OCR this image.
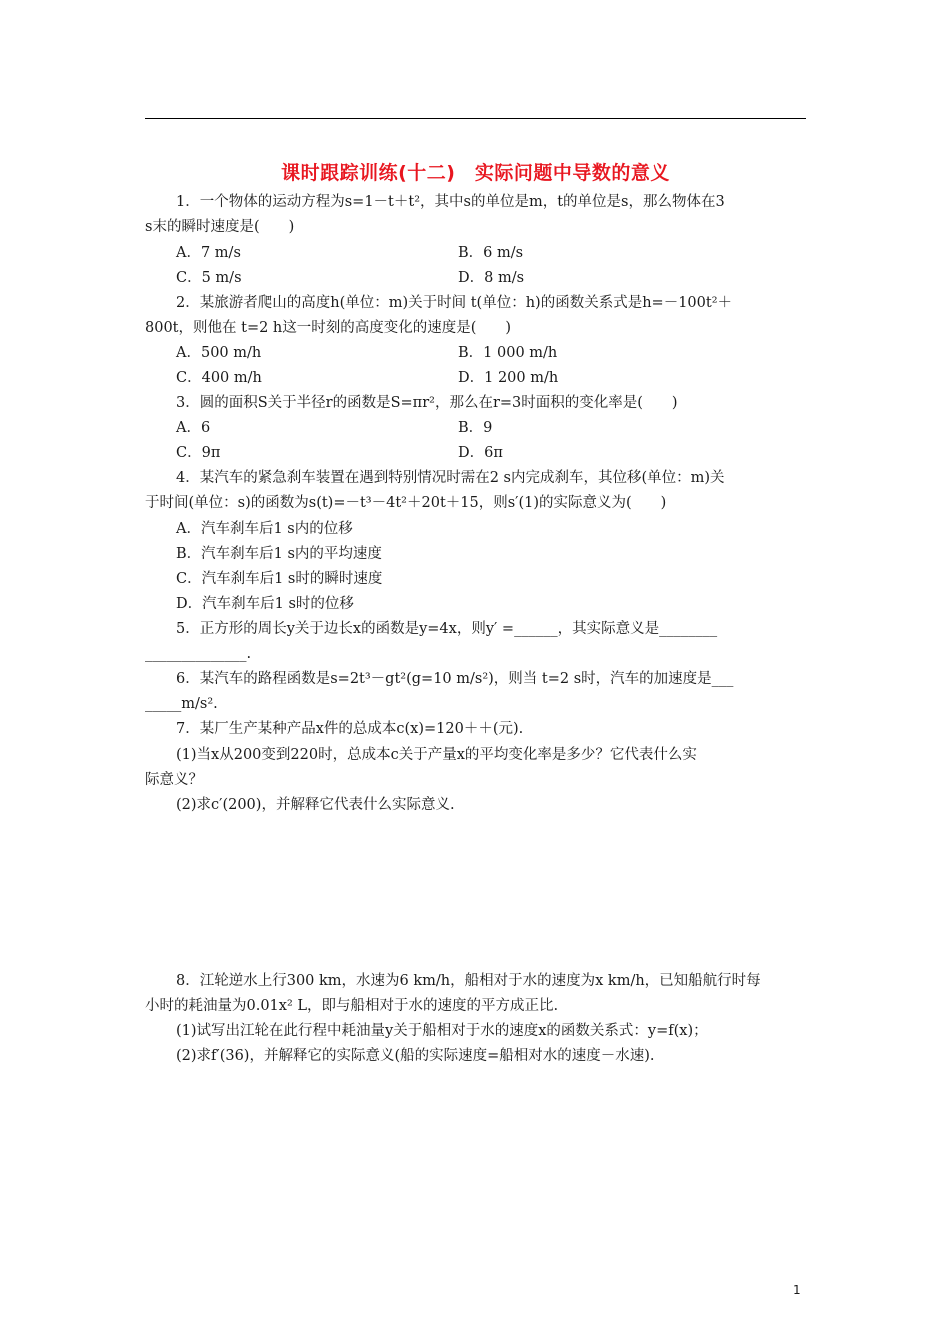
课时跟踪训练(十二)　实际问题中导数的意义
1．一个物体的运动方程为s=1－t＋t²，其中s的单位是m，t的单位是s，那么物体在3
s末的瞬时速度是(　　)
A．7 m/s	B．6 m/s
C．5 m/s	D．8 m/s
2．某旅游者爬山的高度h(单位：m)关于时间 t(单位：h)的函数关系式是h=－100t²＋
800t，则他在 t=2 h这一时刻的高度变化的速度是(　　)
A．500 m/h	B．1 000 m/h
C．400 m/h	D．1 200 m/h
3．圆的面积S关于半径r的函数是S=πr²，那么在r=3时面积的变化率是(　　)
A．6	B．9
C．9π	D．6π
4．某汽车的紧急刹车装置在遇到特别情况时需在2 s内完成刹车，其位移(单位：m)关
于时间(单位：s)的函数为s(t)=－t³－4t²＋20t＋15，则s′(1)的实际意义为(　　)
A．汽车刹车后1 s内的位移
B．汽车刹车后1 s内的平均速度
C．汽车刹车后1 s时的瞬时速度
D．汽车刹车后1 s时的位移
5．正方形的周长y关于边长x的函数是y=4x，则y′ =______，其实际意义是________
______________.
6．某汽车的路程函数是s=2t³－gt²(g=10 m/s²)，则当 t=2 s时，汽车的加速度是___
_____m/s².
7．某厂生产某种产品x件的总成本c(x)=120＋＋(元).
(1)当x从200变到220时，总成本c关于产量x的平均变化率是多少？它代表什么实
际意义？
(2)求c′(200)，并解释它代表什么实际意义.
8．江轮逆水上行300 km，水速为6 km/h，船相对于水的速度为x km/h，已知船航行时每
小时的耗油量为0.01x² L，即与船相对于水的速度的平方成正比.
(1)试写出江轮在此行程中耗油量y关于船相对于水的速度x的函数关系式：y=f(x)；
(2)求f′(36)，并解释它的实际意义(船的实际速度=船相对水的速度－水速).
1
